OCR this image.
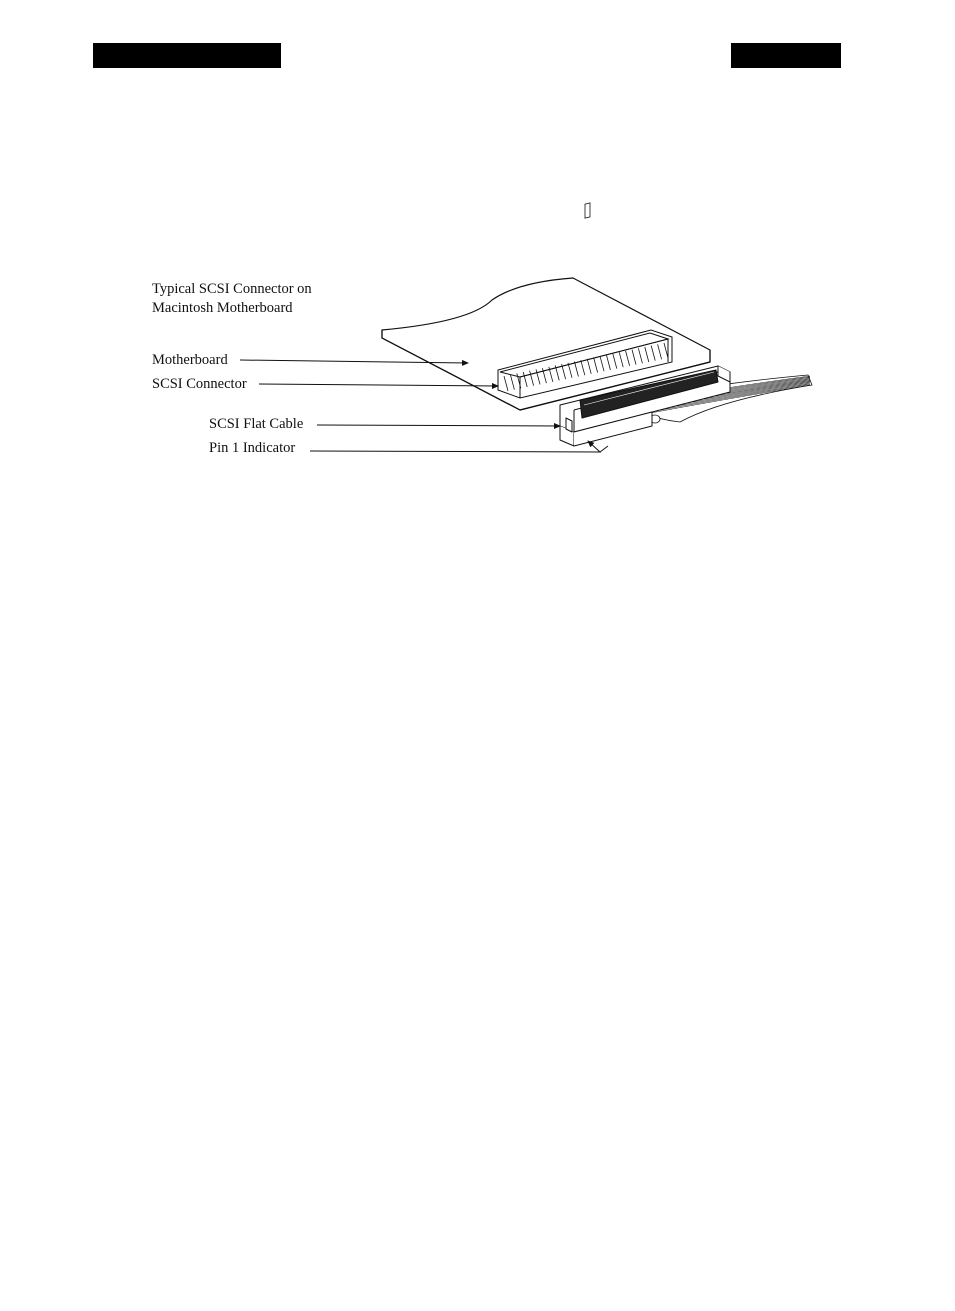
Typical SCSI Connector on
Macintosh Motherboard
Motherboard
SCSI Connector
SCSI Flat Cable
Pin 1 Indicator
